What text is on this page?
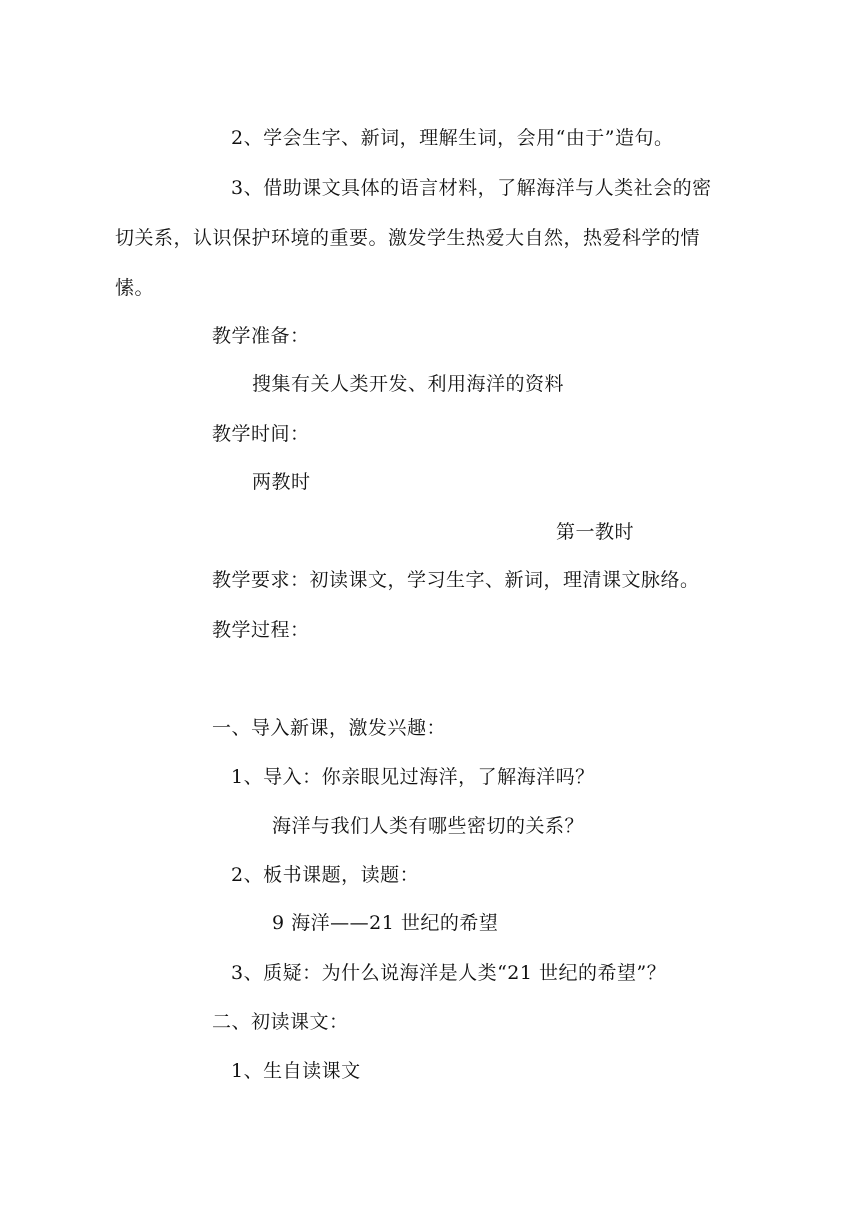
2、学会生字、新词，理解生词，会用“由于”造句。
3、借助课文具体的语言材料，了解海洋与人类社会的密
切关系，认识保护环境的重要。激发学生热爱大自然，热爱科学的情
愫。
教学准备：
搜集有关人类开发、利用海洋的资料
教学时间：
两教时
第一教时
教学要求：初读课文，学习生字、新词，理清课文脉络。
教学过程：
一、导入新课，激发兴趣：
1、导入：你亲眼见过海洋，了解海洋吗？
海洋与我们人类有哪些密切的关系？
2、板书课题，读题：
9 海洋——21 世纪的希望
3、质疑：为什么说海洋是人类“21 世纪的希望”？
二、初读课文：
1、生自读课文
